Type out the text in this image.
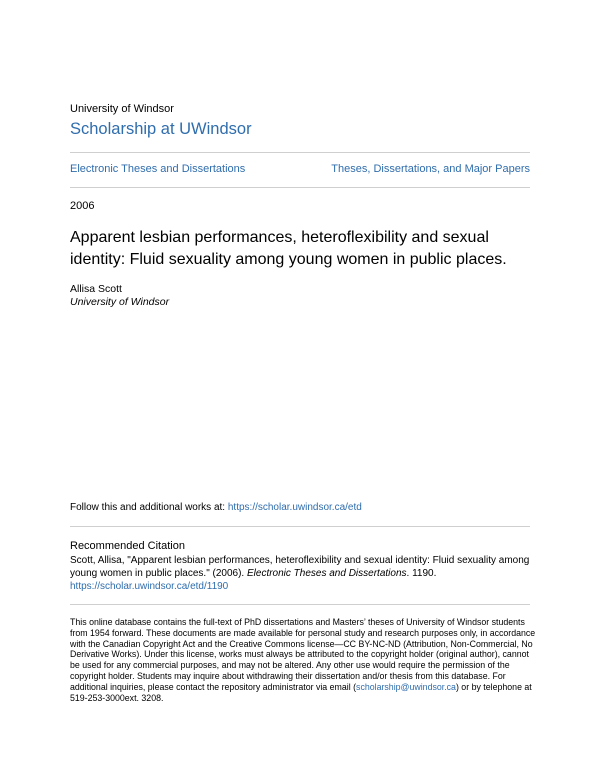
University of Windsor
Scholarship at UWindsor
Electronic Theses and Dissertations	Theses, Dissertations, and Major Papers
2006
Apparent lesbian performances, heteroflexibility and sexual identity: Fluid sexuality among young women in public places.
Allisa Scott
University of Windsor
Follow this and additional works at: https://scholar.uwindsor.ca/etd
Recommended Citation
Scott, Allisa, "Apparent lesbian performances, heteroflexibility and sexual identity: Fluid sexuality among young women in public places." (2006). Electronic Theses and Dissertations. 1190.
https://scholar.uwindsor.ca/etd/1190
This online database contains the full-text of PhD dissertations and Masters’ theses of University of Windsor students from 1954 forward. These documents are made available for personal study and research purposes only, in accordance with the Canadian Copyright Act and the Creative Commons license—CC BY-NC-ND (Attribution, Non-Commercial, No Derivative Works). Under this license, works must always be attributed to the copyright holder (original author), cannot be used for any commercial purposes, and may not be altered. Any other use would require the permission of the copyright holder. Students may inquire about withdrawing their dissertation and/or thesis from this database. For additional inquiries, please contact the repository administrator via email (scholarship@uwindsor.ca) or by telephone at 519-253-3000ext. 3208.
